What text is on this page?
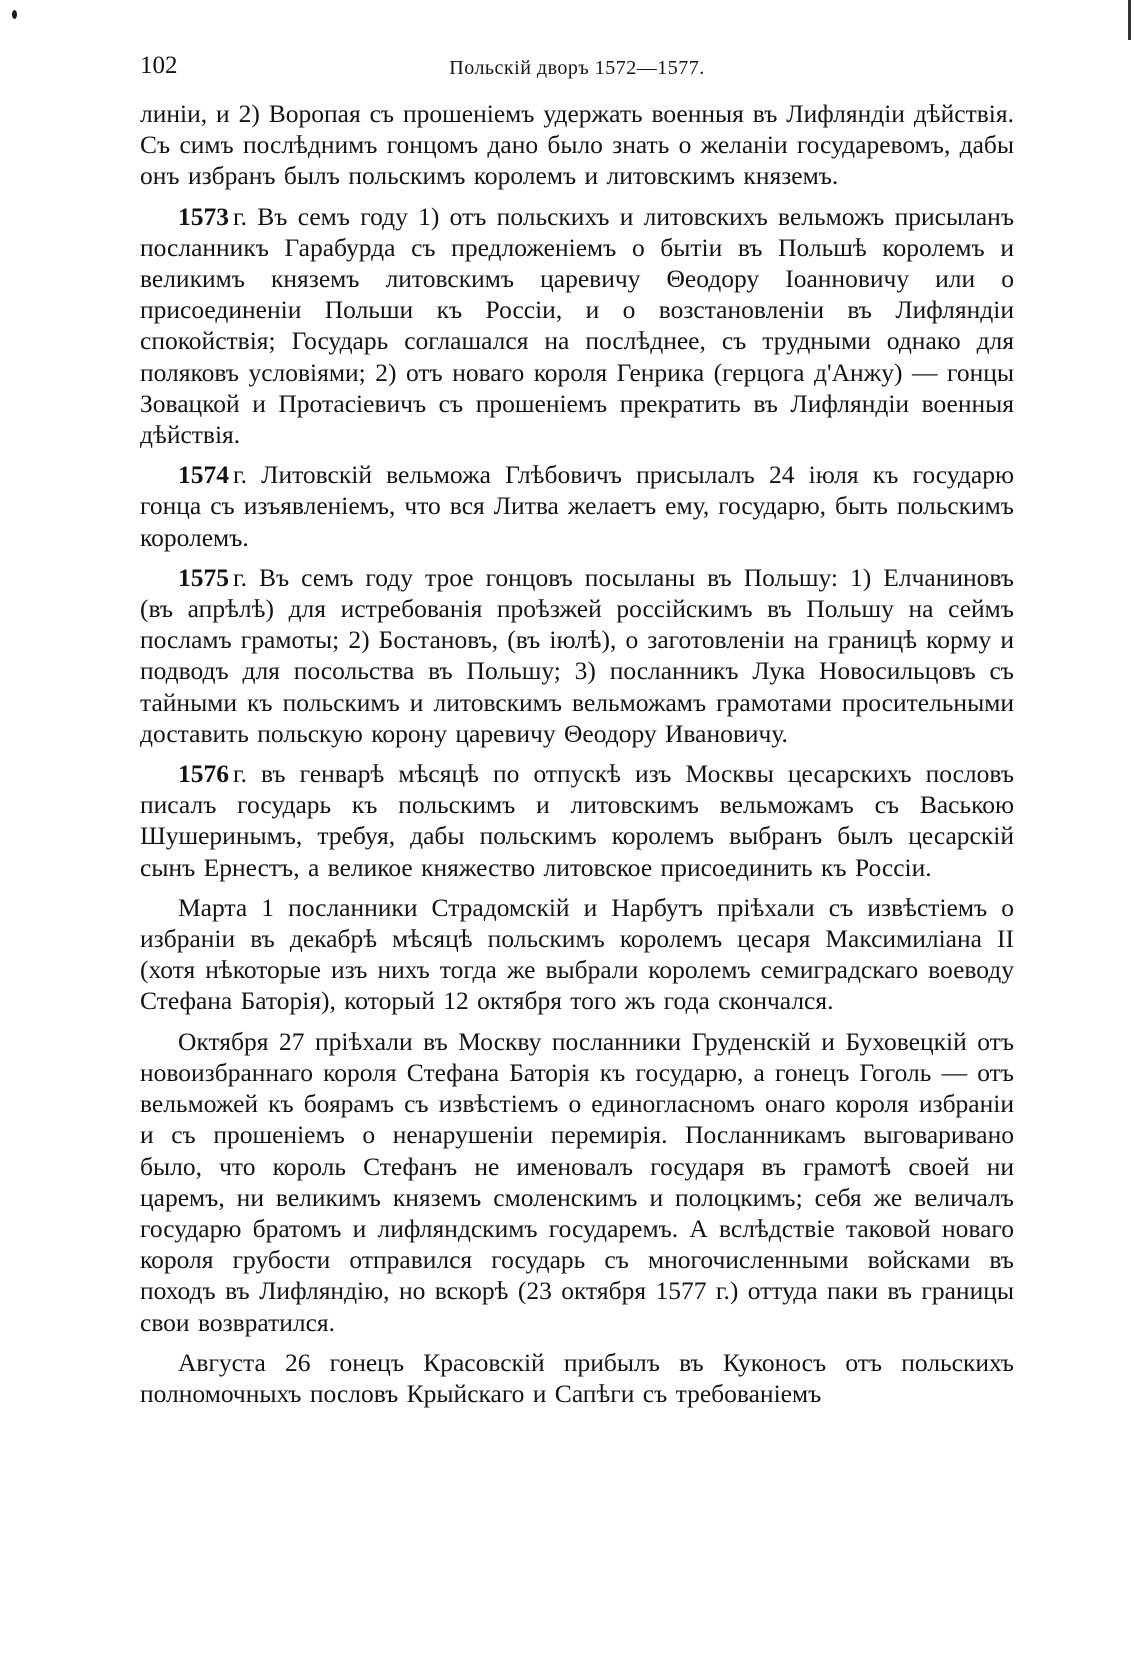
102	Польскій дворъ 1572—1577.

линіи, и 2) Воропая съ прошеніемъ удержать военныя въ Лифляндіи дѣйствія. Съ симъ послѣднимъ гонцомъ дано было знать о желаніи государевомъ, дабы онъ избранъ былъ польскимъ королемъ и литовскимъ княземъ.

1573 г. Въ семъ году 1) отъ польскихъ и литовскихъ вельможъ присыланъ посланникъ Гарабурда съ предложеніемъ о бытіи въ Польшѣ королемъ и великимъ княземъ литовскимъ царевичу Θеодору Іоанновичу или о присоединеніи Польши къ Россіи, и о возстановленіи въ Лифляндіи спокойствія; Государь соглашался на послѣднее, съ трудными однако для поляковъ условіями; 2) отъ новаго короля Генрика (герцога д'Анжу) — гонцы Зовацкой и Протасіевичъ съ прошеніемъ прекратить въ Лифляндіи военныя дѣйствія.

1574 г. Литовскій вельможа Глѣбовичъ присылалъ 24 іюля къ государю гонца съ изъявленіемъ, что вся Литва желаетъ ему, государю, быть польскимъ королемъ.

1575 г. Въ семъ году трое гонцовъ посыланы въ Польшу: 1) Елчаниновъ (въ апрѣлѣ) для истребованія проѣзжей россійскимъ въ Польшу на сеймъ посламъ грамоты; 2) Бостановъ, (въ іюлѣ), о заготовленіи на границѣ корму и подводъ для посольства въ Польшу; 3) посланникъ Лука Новосильцовъ съ тайными къ польскимъ и литовскимъ вельможамъ грамотами просительными доставить польскую корону царевичу Θеодору Ивановичу.

1576 г. въ генварѣ мѣсяцѣ по отпускѣ изъ Москвы цесарскихъ пословъ писалъ государь къ польскимъ и литовскимъ вельможамъ съ Ваською Шушеринымъ, требуя, дабы польскимъ королемъ выбранъ былъ цесарскій сынъ Ернестъ, а великое княжество литовское присоединить къ Россіи.

Марта 1 посланники Страдомскій и Нарбутъ пріѣхали съ извѣстіемъ о избраніи въ декабрѣ мѣсяцѣ польскимъ королемъ цесаря Максимиліана II (хотя нѣкоторые изъ нихъ тогда же выбрали королемъ семиградскаго воеводу Стефана Баторія), который 12 октября того жъ года скончался.

Октября 27 пріѣхали въ Москву посланники Груденскій и Буховецкій отъ новоизбраннаго короля Стефана Баторія къ государю, а гонецъ Гоголь — отъ вельможей къ боярамъ съ извѣстіемъ о единогласномъ онаго короля избраніи и съ прошеніемъ о ненарушеніи перемирія. Посланникамъ выговаривано было, что король Стефанъ не именовалъ государя въ грамотѣ своей ни царемъ, ни великимъ княземъ смоленскимъ и полоцкимъ; себя же величалъ государю братомъ и лифляндскимъ государемъ. А вслѣдствіе таковой новаго короля грубости отправился государь съ многочисленными войсками въ походъ въ Лифляндію, но вскорѣ (23 октября 1577 г.) оттуда паки въ границы свои возвратился.

Августа 26 гонецъ Красовскій прибылъ въ Куконосъ отъ польскихъ полномочныхъ пословъ Крыйскаго и Сапѣги съ требованіемъ
